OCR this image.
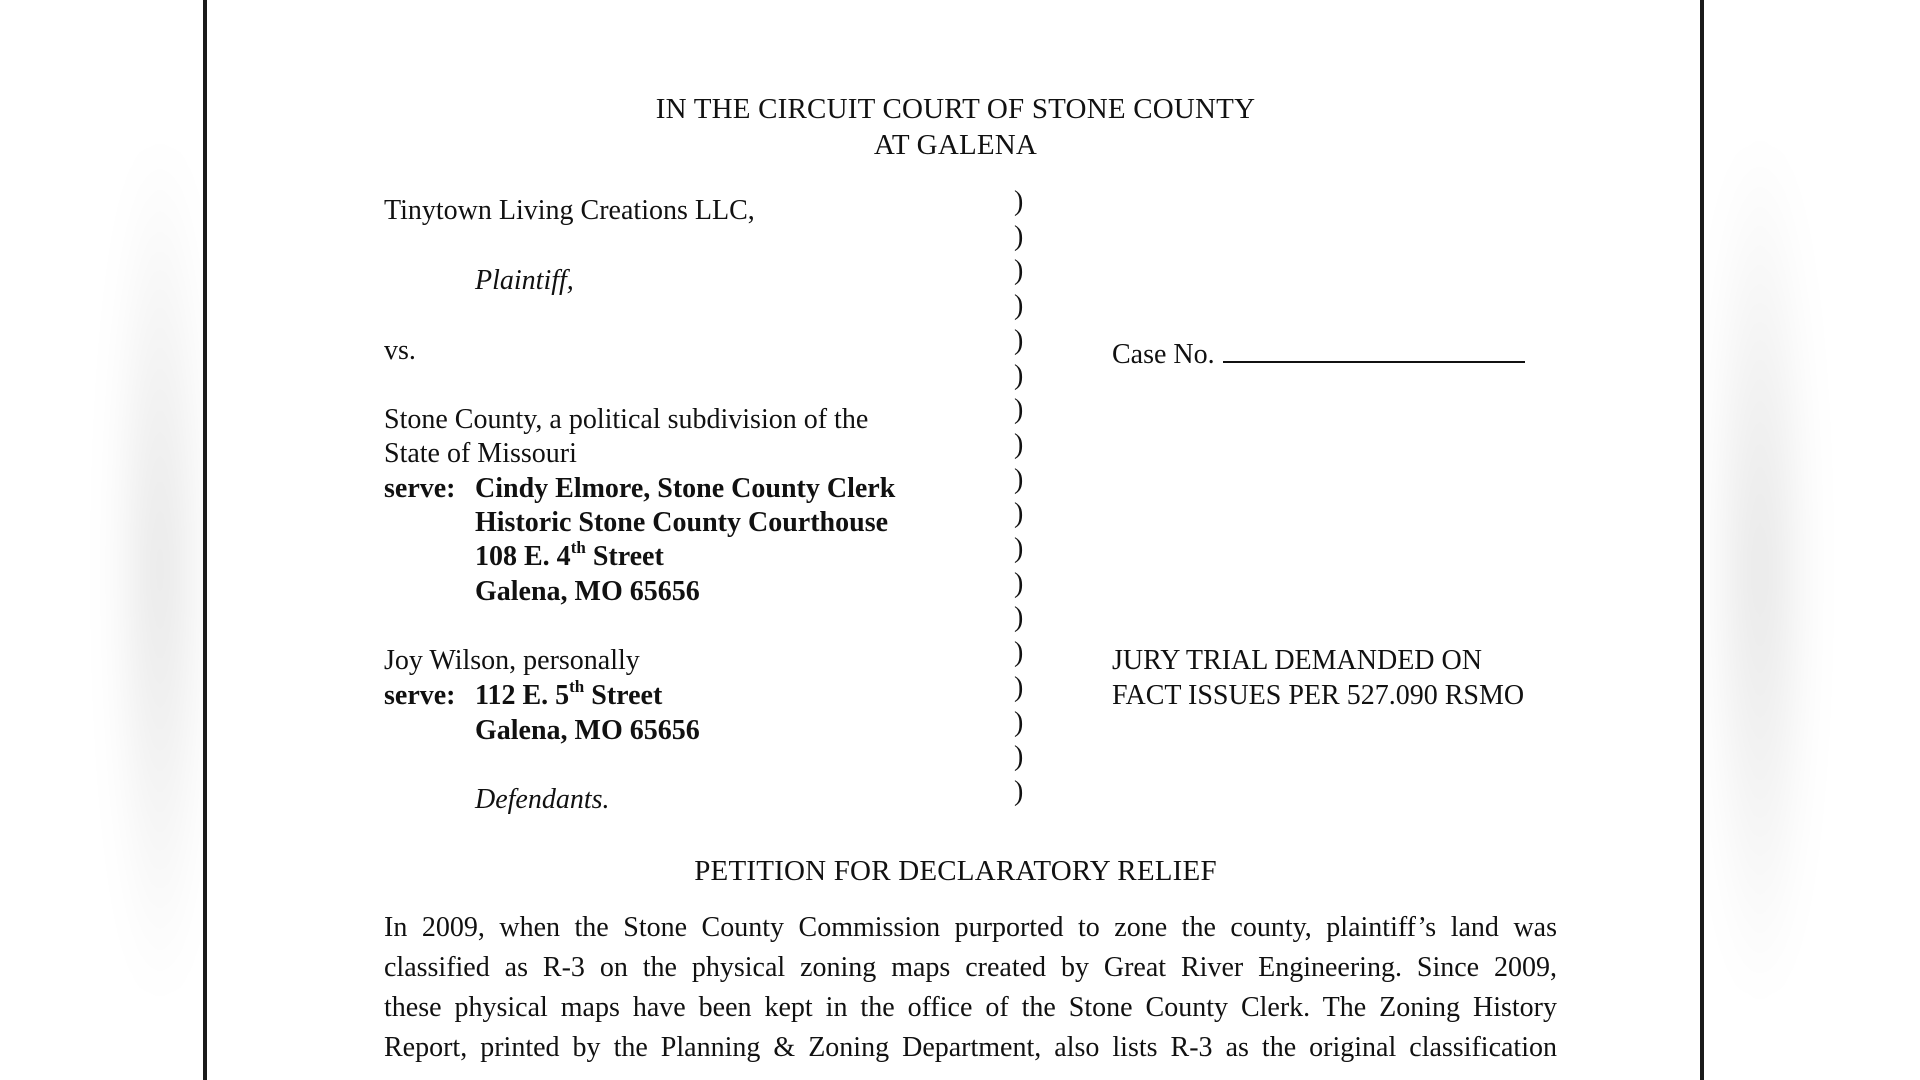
IN THE CIRCUIT COURT OF STONE COUNTY
AT GALENA
Tinytown Living Creations LLC,
Plaintiff,
vs.
Stone County, a political subdivision of the
State of Missouri
serve: Cindy Elmore, Stone County Clerk
Historic Stone County Courthouse
108 E. 4th Street
Galena, MO 65656
Joy Wilson, personally
serve: 112 E. 5th Street
Galena, MO 65656
Defendants.
)
)
)
)
)
)
)
)
)
)
)
)
)
)
)
)
)
)
Case No.
JURY TRIAL DEMANDED ON
FACT ISSUES PER 527.090 RSMO
PETITION FOR DECLARATORY RELIEF
In 2009, when the Stone County Commission purported to zone the county, plaintiff’s land was
classified as R-3 on the physical zoning maps created by Great River Engineering. Since 2009,
these physical maps have been kept in the office of the Stone County Clerk. The Zoning History
Report, printed by the Planning & Zoning Department, also lists R-3 as the original classification
